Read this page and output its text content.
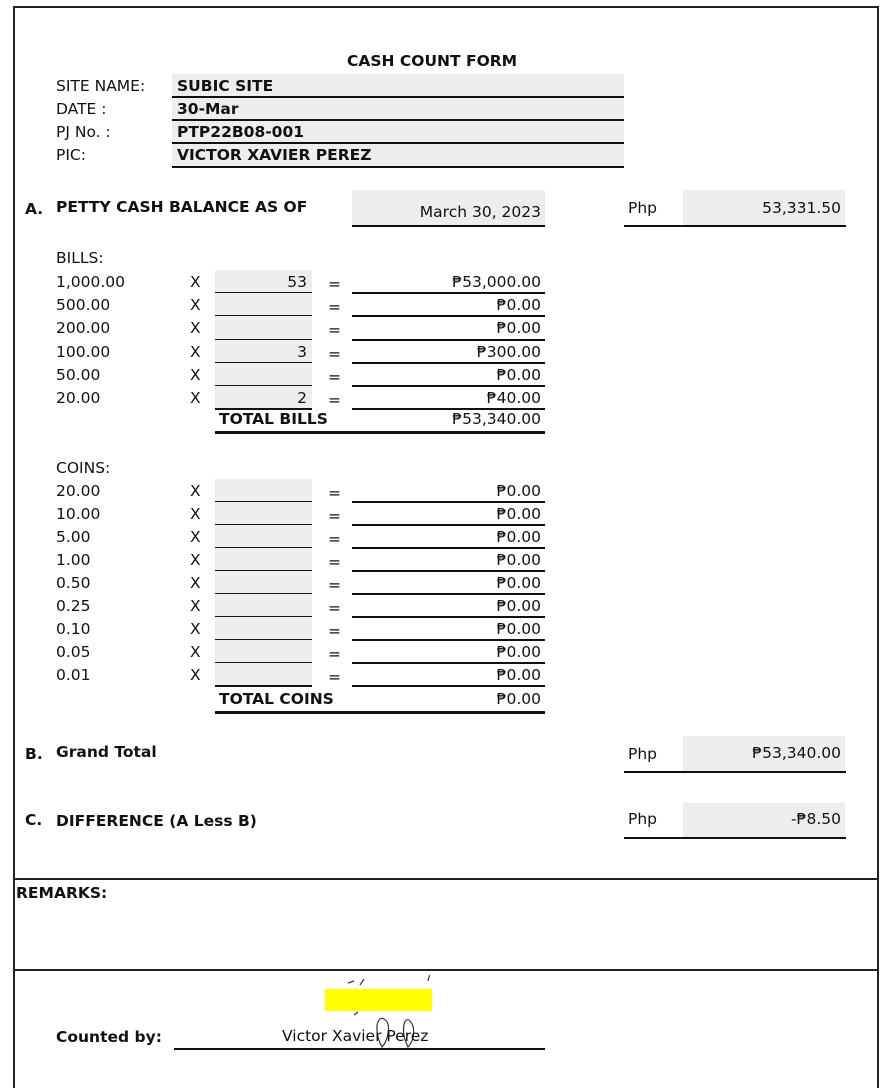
CASH COUNT FORM
SITE NAME: SUBIC SITE
DATE :	30-Mar
PJ No. :	PTP22B08-001
PIC:	VICTOR XAVIER PEREZ
A. PETTY CASH BALANCE AS OF	March 30, 2023	Php	53,331.50
BILLS:
1,000.00	X	53 =	₱53,000.00
500.00	X	=	₱0.00
200.00	X	=	₱0.00
100.00	X	3 =	₱300.00
50.00	X	=	₱0.00
20.00	X	2 =	₱40.00
TOTAL BILLS	₱53,340.00
COINS:
20.00	X	=	₱0.00
10.00	X	=	₱0.00
5.00	X	=	₱0.00
1.00	X	=	₱0.00
0.50	X	=	₱0.00
0.25	X	=	₱0.00
0.10	X	=	₱0.00
0.05	X	=	₱0.00
0.01	X	=	₱0.00
TOTAL COINS	₱0.00
B. Grand Total	Php	₱53,340.00
C. DIFFERENCE (A Less B)	Php	-₱8.50
REMARKS:
Counted by:	Victor Xavier Perez
